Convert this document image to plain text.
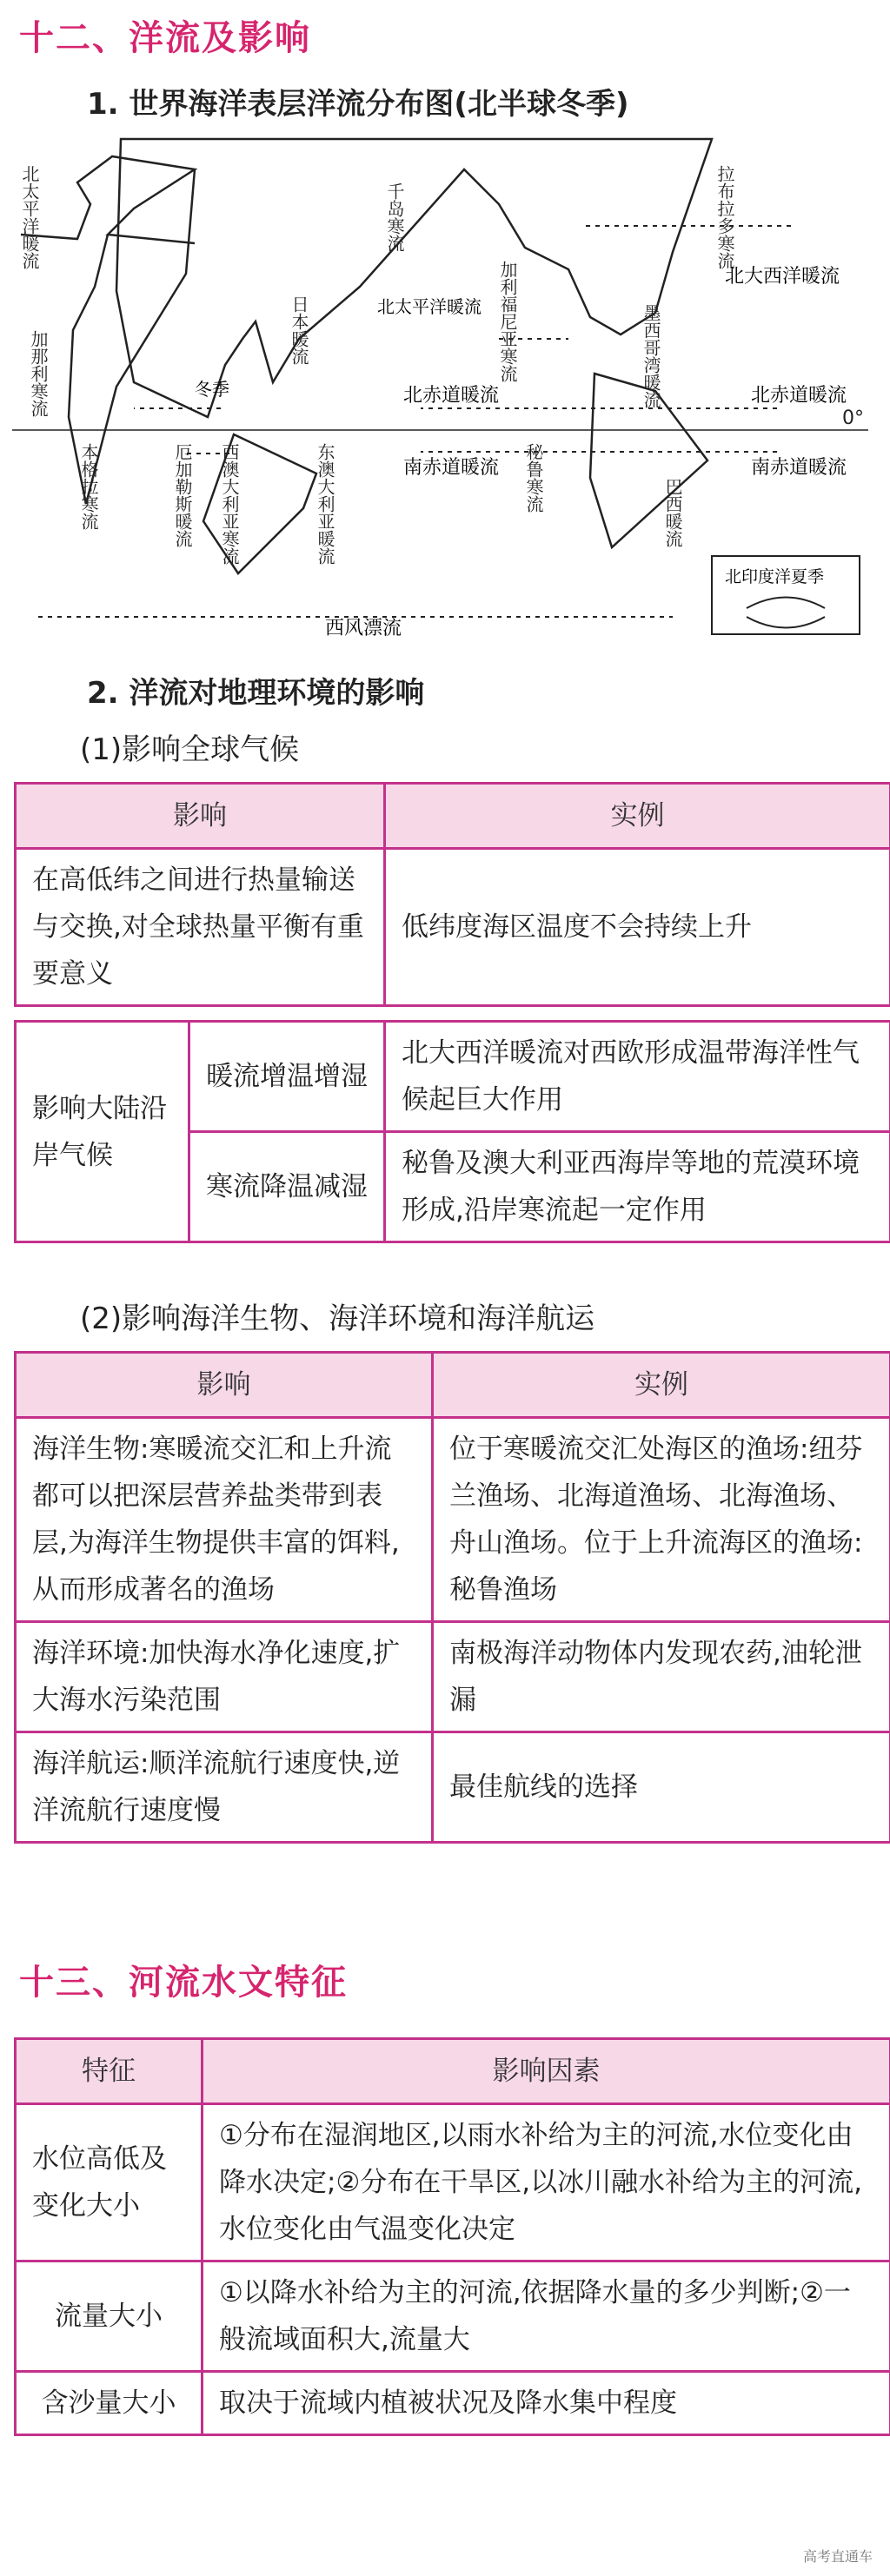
十二、洋流及影响
1. 世界海洋表层洋流分布图(北半球冬季)
0°
北赤道暖流	北赤道暖流
南赤道暖流	南赤道暖流
西风漂流
北大西洋暖流
北太平洋暖流
北太平洋暖流
加那利寒流
本格拉寒流	厄加勒斯暖流 西澳大利亚寒流	东澳大利亚暖流
日本暖流
千岛寒流
加利福尼亚寒流
秘鲁寒流	巴西暖流
墨西哥湾暖流
拉布拉多寒流
北印度洋夏季
冬季
2. 洋流对地理环境的影响
(1)影响全球气候
影响	实例
在高低纬之间进行热量输送与交换,对全球热量平衡有重要意义	低纬度海区温度不会持续上升
影响大陆沿岸气候	暖流增温增湿	北大西洋暖流对西欧形成温带海洋性气候起巨大作用
	寒流降温减湿	秘鲁及澳大利亚西海岸等地的荒漠环境形成,沿岸寒流起一定作用
(2)影响海洋生物、海洋环境和海洋航运
影响	实例
海洋生物:寒暖流交汇和上升流都可以把深层营养盐类带到表层,为海洋生物提供丰富的饵料,从而形成著名的渔场	位于寒暖流交汇处海区的渔场:纽芬兰渔场、北海道渔场、北海渔场、舟山渔场。位于上升流海区的渔场:秘鲁渔场
海洋环境:加快海水净化速度,扩大海水污染范围	南极海洋动物体内发现农药,油轮泄漏
海洋航运:顺洋流航行速度快,逆洋流航行速度慢	最佳航线的选择
十三、河流水文特征
特征	影响因素
水位高低及变化大小	①分布在湿润地区,以雨水补给为主的河流,水位变化由降水决定;②分布在干旱区,以冰川融水补给为主的河流,水位变化由气温变化决定
流量大小	①以降水补给为主的河流,依据降水量的多少判断;②一般流域面积大,流量大
含沙量大小	取决于流域内植被状况及降水集中程度
高考直通车
